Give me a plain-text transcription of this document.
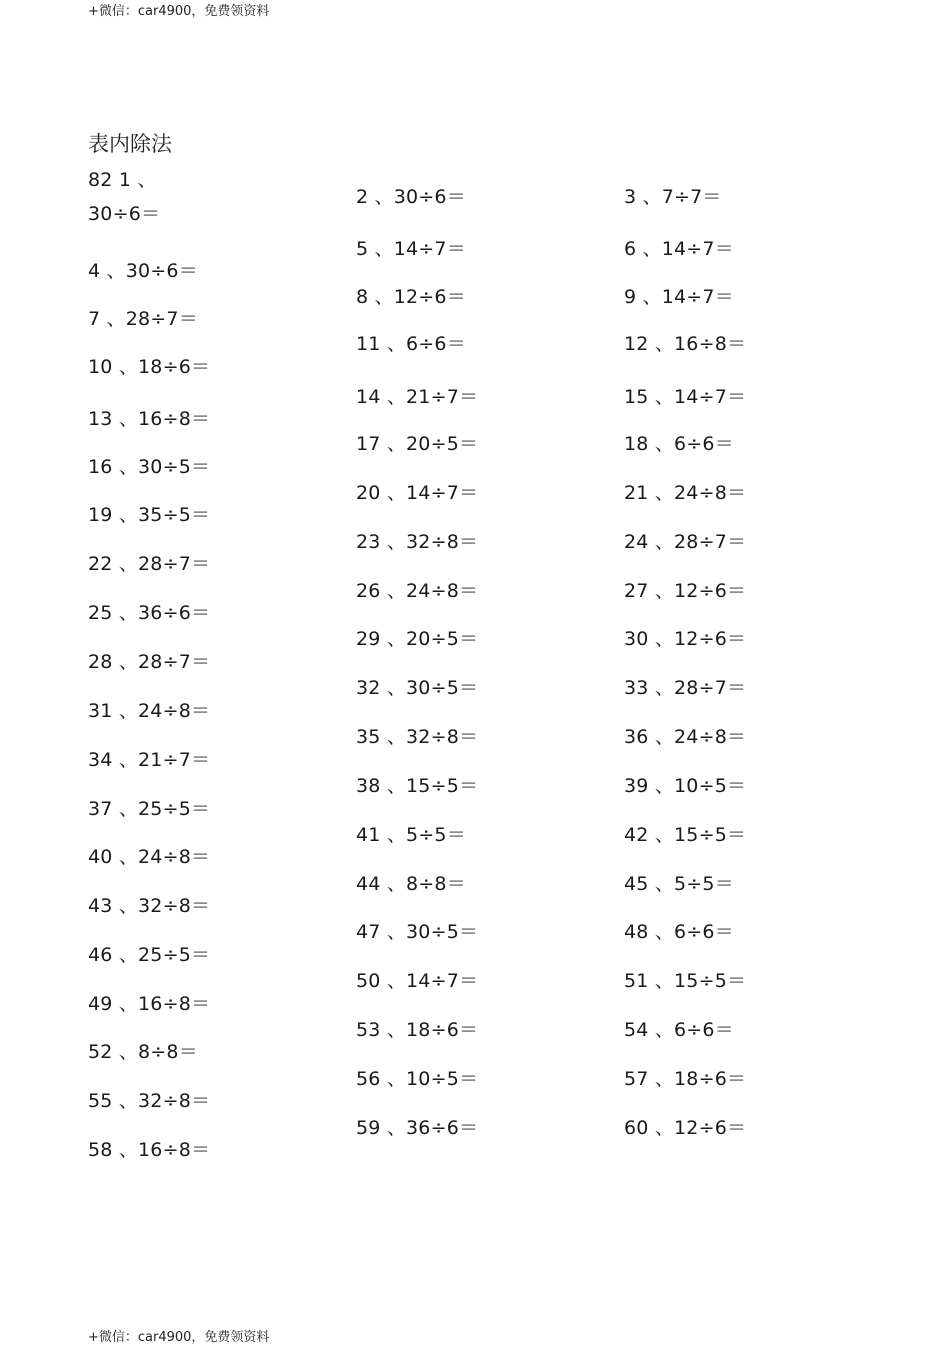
+微信：car4900，免费领资料
表内除法
82 1 、
30÷6＝
4 、30÷6＝
7 、28÷7＝
10 、18÷6＝
13 、16÷8＝
16 、30÷5＝
19 、35÷5＝
22 、28÷7＝
25 、36÷6＝
28 、28÷7＝
31 、24÷8＝
34 、21÷7＝
37 、25÷5＝
40 、24÷8＝
43 、32÷8＝
46 、25÷5＝
49 、16÷8＝
52 、8÷8＝
55 、32÷8＝
58 、16÷8＝
2 、30÷6＝
5 、14÷7＝
8 、12÷6＝
11 、6÷6＝
14 、21÷7＝
17 、20÷5＝
20 、14÷7＝
23 、32÷8＝
26 、24÷8＝
29 、20÷5＝
32 、30÷5＝
35 、32÷8＝
38 、15÷5＝
41 、5÷5＝
44 、8÷8＝
47 、30÷5＝
50 、14÷7＝
53 、18÷6＝
56 、10÷5＝
59 、36÷6＝
3 、7÷7＝
6 、14÷7＝
9 、14÷7＝
12 、16÷8＝
15 、14÷7＝
18 、6÷6＝
21 、24÷8＝
24 、28÷7＝
27 、12÷6＝
30 、12÷6＝
33 、28÷7＝
36 、24÷8＝
39 、10÷5＝
42 、15÷5＝
45 、5÷5＝
48 、6÷6＝
51 、15÷5＝
54 、6÷6＝
57 、18÷6＝
60 、12÷6＝
+微信：car4900，免费领资料
